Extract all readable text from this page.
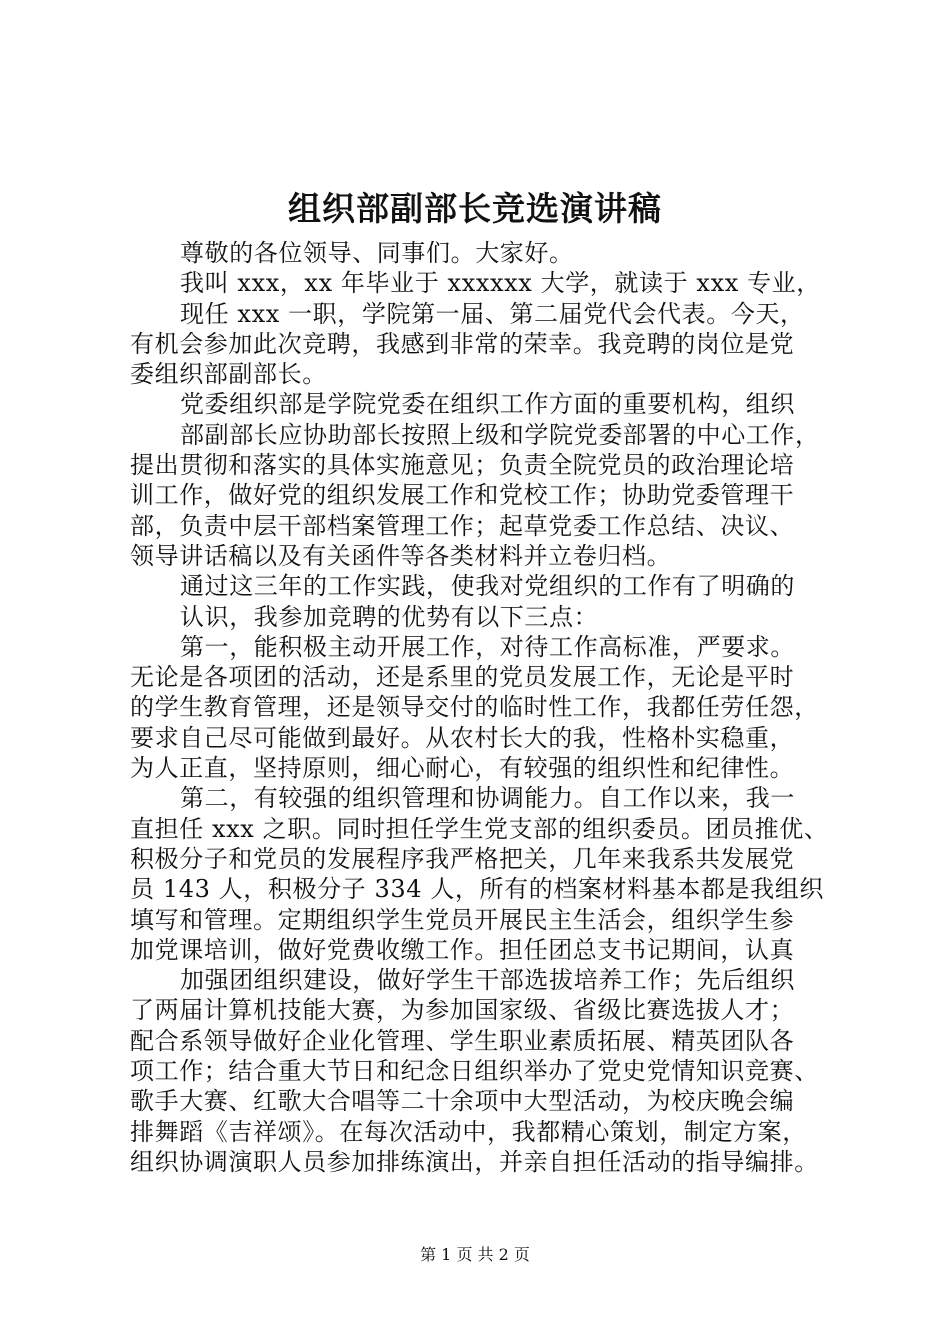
组织部副部长竞选演讲稿
尊敬的各位领导、同事们。大家好。
我叫 xxx，xx 年毕业于 xxxxxx 大学，就读于 xxx 专业，
现任 xxx 一职，学院第一届、第二届党代会代表。今天，
有机会参加此次竞聘，我感到非常的荣幸。我竞聘的岗位是党
委组织部副部长。
党委组织部是学院党委在组织工作方面的重要机构，组织
部副部长应协助部长按照上级和学院党委部署的中心工作，
提出贯彻和落实的具体实施意见；负责全院党员的政治理论培
训工作，做好党的组织发展工作和党校工作；协助党委管理干
部，负责中层干部档案管理工作；起草党委工作总结、决议、
领导讲话稿以及有关函件等各类材料并立卷归档。
通过这三年的工作实践，使我对党组织的工作有了明确的
认识，我参加竞聘的优势有以下三点：
第一，能积极主动开展工作，对待工作高标准，严要求。
无论是各项团的活动，还是系里的党员发展工作，无论是平时
的学生教育管理，还是领导交付的临时性工作，我都任劳任怨，
要求自己尽可能做到最好。从农村长大的我，性格朴实稳重，
为人正直，坚持原则，细心耐心，有较强的组织性和纪律性。
第二，有较强的组织管理和协调能力。自工作以来，我一
直担任 xxx 之职。同时担任学生党支部的组织委员。团员推优、
积极分子和党员的发展程序我严格把关，几年来我系共发展党
员 143 人，积极分子 334 人，所有的档案材料基本都是我组织
填写和管理。定期组织学生党员开展民主生活会，组织学生参
加党课培训，做好党费收缴工作。担任团总支书记期间，认真
加强团组织建设，做好学生干部选拔培养工作；先后组织
了两届计算机技能大赛，为参加国家级、省级比赛选拔人才；
配合系领导做好企业化管理、学生职业素质拓展、精英团队各
项工作；结合重大节日和纪念日组织举办了党史党情知识竞赛、
歌手大赛、红歌大合唱等二十余项中大型活动，为校庆晚会编
排舞蹈《吉祥颂》。在每次活动中，我都精心策划，制定方案，
组织协调演职人员参加排练演出，并亲自担任活动的指导编排。
第 1 页 共 2 页
